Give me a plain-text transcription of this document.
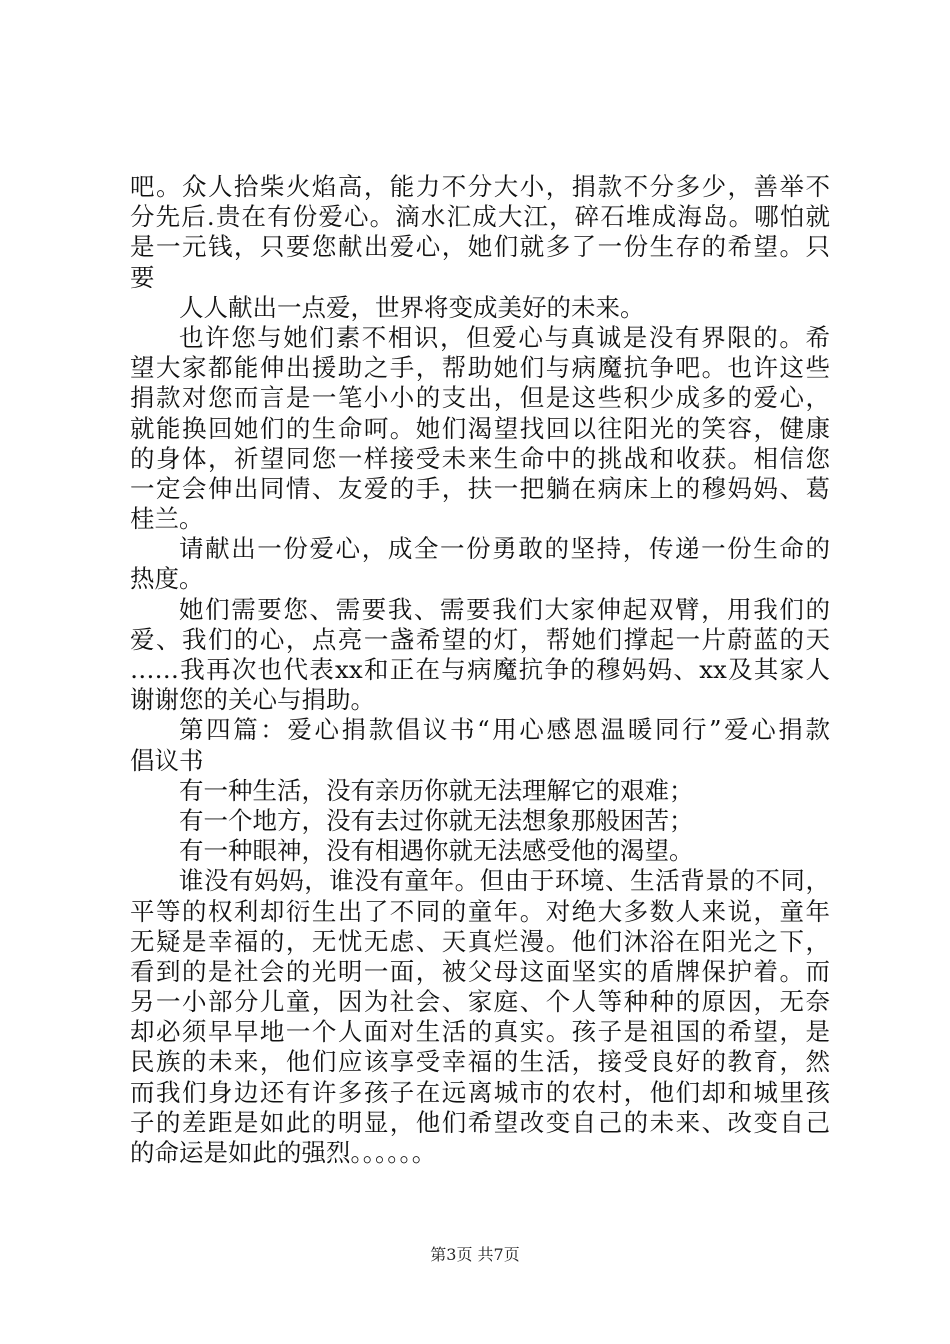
吧。众人拾柴火焰高，能力不分大小，捐款不分多少，善举不
分先后.贵在有份爱心。滴水汇成大江，碎石堆成海岛。哪怕就
是一元钱，只要您献出爱心，她们就多了一份生存的希望。只
要
人人献出一点爱，世界将变成美好的未来。
也许您与她们素不相识，但爱心与真诚是没有界限的。希
望大家都能伸出援助之手，帮助她们与病魔抗争吧。也许这些
捐款对您而言是一笔小小的支出，但是这些积少成多的爱心，
就能换回她们的生命呵。她们渴望找回以往阳光的笑容，健康
的身体，祈望同您一样接受未来生命中的挑战和收获。相信您
一定会伸出同情、友爱的手，扶一把躺在病床上的穆妈妈、葛
桂兰。
请献出一份爱心，成全一份勇敢的坚持，传递一份生命的
热度。
她们需要您、需要我、需要我们大家伸起双臂，用我们的
爱、我们的心，点亮一盏希望的灯，帮她们撑起一片蔚蓝的天
……我再次也代表xx和正在与病魔抗争的穆妈妈、xx及其家人
谢谢您的关心与捐助。
第四篇：爱心捐款倡议书“用心感恩温暖同行”爱心捐款
倡议书
有一种生活，没有亲历你就无法理解它的艰难；
有一个地方，没有去过你就无法想象那般困苦；
有一种眼神，没有相遇你就无法感受他的渴望。
谁没有妈妈，谁没有童年。但由于环境、生活背景的不同，
平等的权利却衍生出了不同的童年。对绝大多数人来说，童年
无疑是幸福的，无忧无虑、天真烂漫。他们沐浴在阳光之下，
看到的是社会的光明一面，被父母这面坚实的盾牌保护着。而
另一小部分儿童，因为社会、家庭、个人等种种的原因，无奈
却必须早早地一个人面对生活的真实。孩子是祖国的希望，是
民族的未来，他们应该享受幸福的生活，接受良好的教育，然
而我们身边还有许多孩子在远离城市的农村，他们却和城里孩
子的差距是如此的明显，他们希望改变自己的未来、改变自己
的命运是如此的强烈。。。。。。
第3页 共7页
